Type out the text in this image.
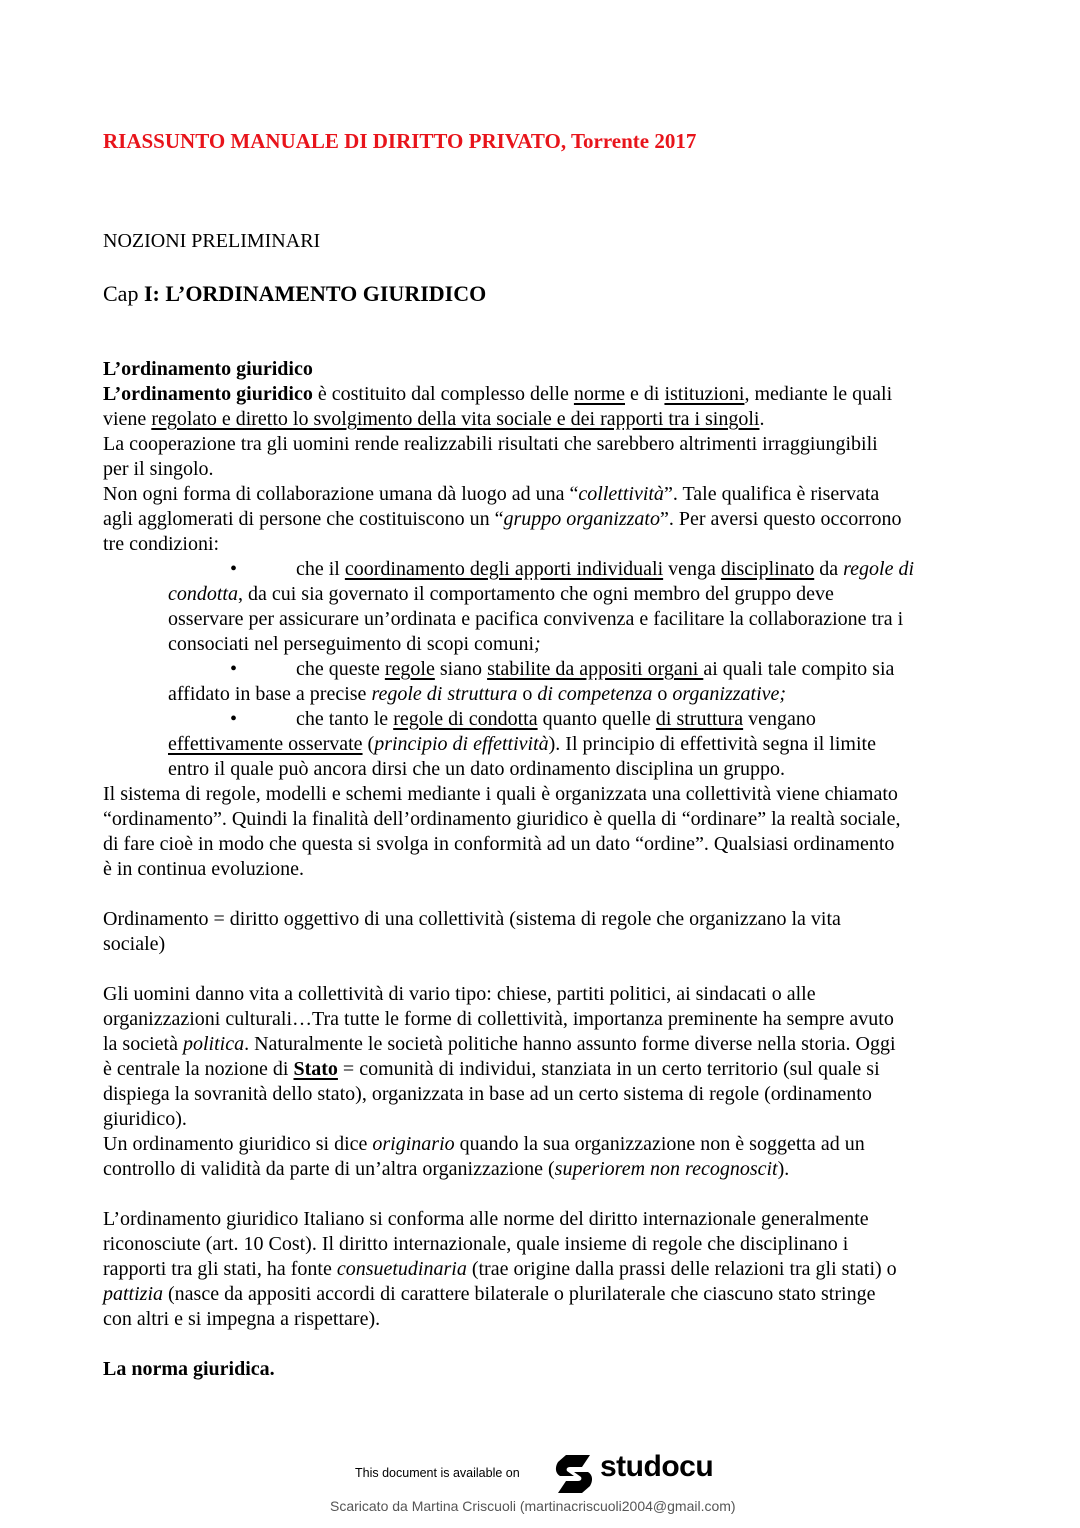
RIASSUNTO MANUALE DI DIRITTO PRIVATO, Torrente 2017
NOZIONI PRELIMINARI
Cap I: L’ORDINAMENTO GIURIDICO
L’ordinamento giuridico
L’ordinamento giuridico è costituito dal complesso delle norme e di istituzioni, mediante le quali
viene regolato e diretto lo svolgimento della vita sociale e dei rapporti tra i singoli.
La cooperazione tra gli uomini rende realizzabili risultati che sarebbero altrimenti irraggiungibili
per il singolo.
Non ogni forma di collaborazione umana dà luogo ad una “collettività”. Tale qualifica è riservata
agli agglomerati di persone che costituiscono un “gruppo organizzato”. Per aversi questo occorrono
tre condizioni:
•	che il coordinamento degli apporti individuali venga disciplinato da regole di
condotta, da cui sia governato il comportamento che ogni membro del gruppo deve
osservare per assicurare un’ordinata e pacifica convivenza e facilitare la collaborazione tra i
consociati nel perseguimento di scopi comuni;
•	che queste regole siano stabilite da appositi organi ai quali tale compito sia
affidato in base a precise regole di struttura o di competenza o organizzative;
•	che tanto le regole di condotta quanto quelle di struttura vengano
effettivamente osservate (principio di effettività). Il principio di effettività segna il limite
entro il quale può ancora dirsi che un dato ordinamento disciplina un gruppo.
Il sistema di regole, modelli e schemi mediante i quali è organizzata una collettività viene chiamato
“ordinamento”. Quindi la finalità dell’ordinamento giuridico è quella di “ordinare” la realtà sociale,
di fare cioè in modo che questa si svolga in conformità ad un dato “ordine”. Qualsiasi ordinamento
è in continua evoluzione.
Ordinamento = diritto oggettivo di una collettività (sistema di regole che organizzano la vita
sociale)
Gli uomini danno vita a collettività di vario tipo: chiese, partiti politici, ai sindacati o alle
organizzazioni culturali…Tra tutte le forme di collettività, importanza preminente ha sempre avuto
la società politica. Naturalmente le società politiche hanno assunto forme diverse nella storia. Oggi
è centrale la nozione di Stato = comunità di individui, stanziata in un certo territorio (sul quale si
dispiega la sovranità dello stato), organizzata in base ad un certo sistema di regole (ordinamento
giuridico).
Un ordinamento giuridico si dice originario quando la sua organizzazione non è soggetta ad un
controllo di validità da parte di un’altra organizzazione (superiorem non recognoscit).
L’ordinamento giuridico Italiano si conforma alle norme del diritto internazionale generalmente
riconosciute (art. 10 Cost). Il diritto internazionale, quale insieme di regole che disciplinano i
rapporti tra gli stati, ha fonte consuetudinaria (trae origine dalla prassi delle relazioni tra gli stati) o
pattizia (nasce da appositi accordi di carattere bilaterale o plurilaterale che ciascuno stato stringe
con altri e si impegna a rispettare).
La norma giuridica.
This document is available on	studocu
Scaricato da Martina Criscuoli (martinacriscuoli2004@gmail.com)
